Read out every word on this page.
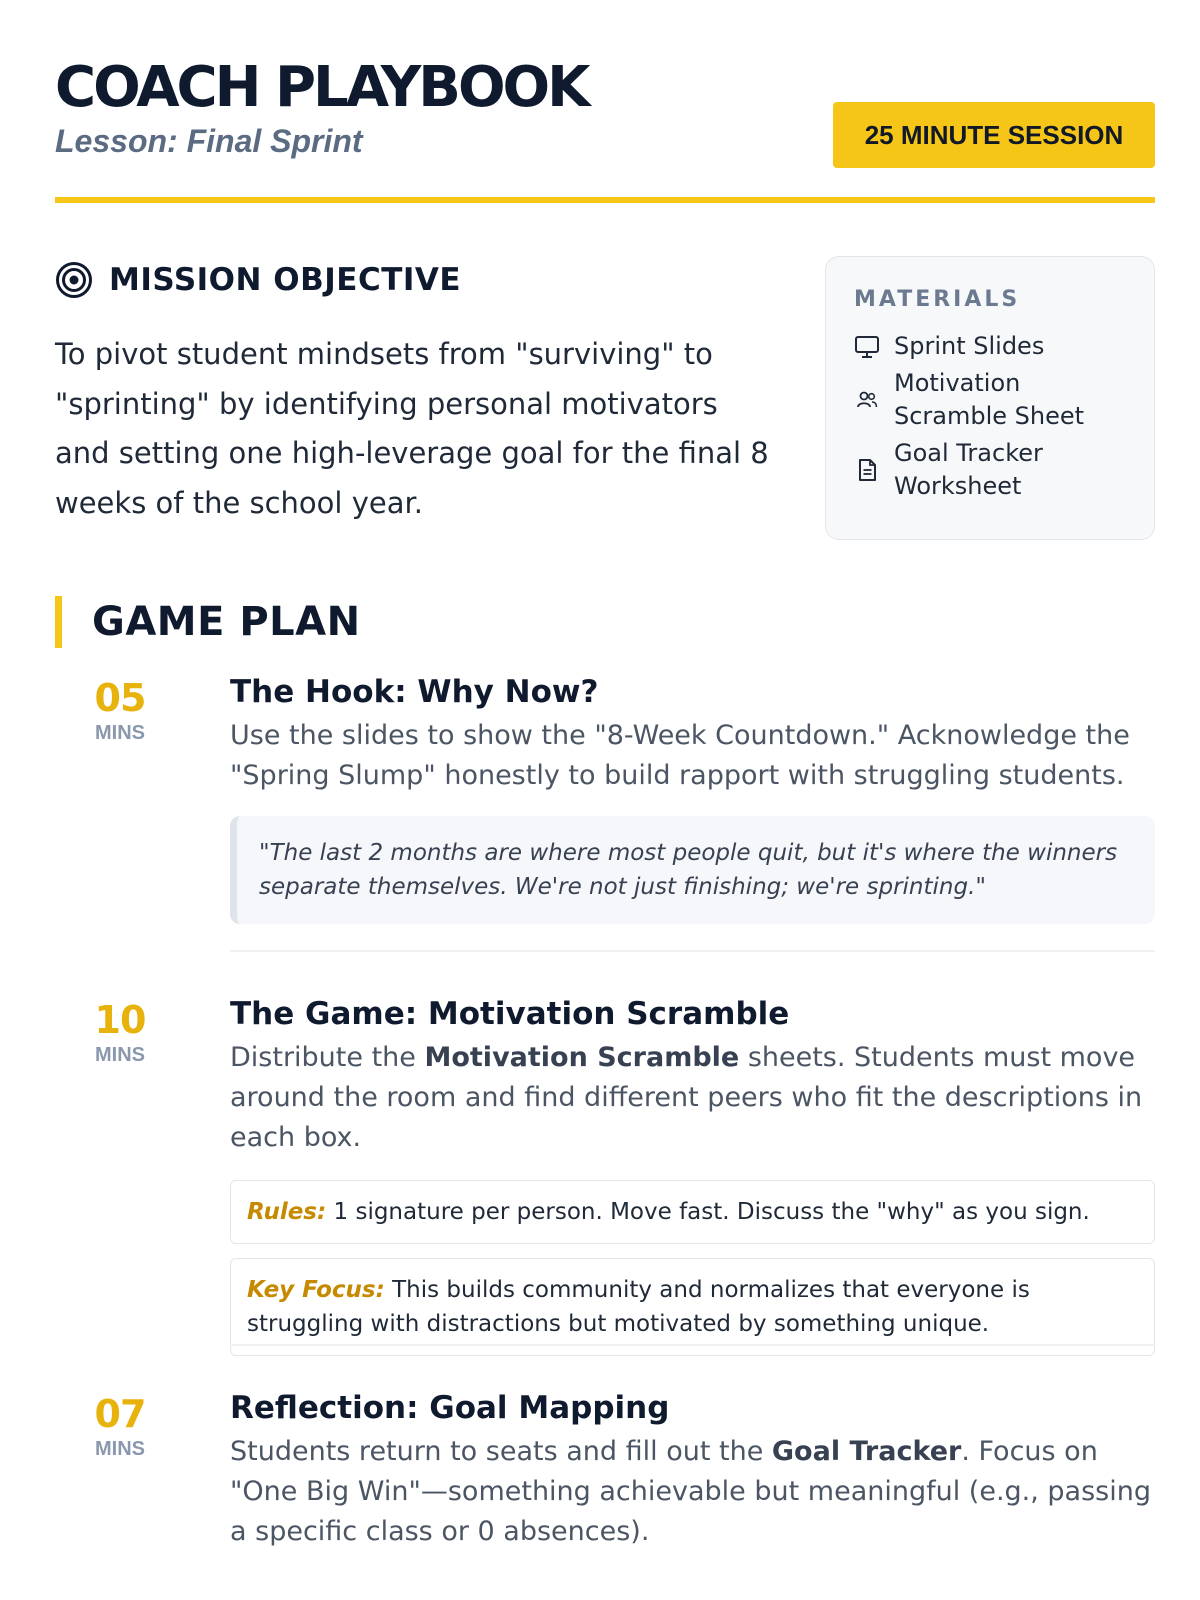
COACH PLAYBOOK
Lesson: Final Sprint	25 MINUTE SESSION
MISSION OBJECTIVE

To pivot student mindsets from "surviving" to "sprinting" by identifying personal motivators and setting one high-leverage goal for the final 8 weeks of the school year.

MATERIALS
Sprint Slides
Motivation Scramble Sheet
Goal Tracker Worksheet
GAME PLAN
05
MINS
The Hook: Why Now?

Use the slides to show the "8-Week Countdown." Acknowledge the "Spring Slump" honestly to build rapport with struggling students.

"The last 2 months are where most people quit, but it's where the winners separate themselves. We're not just finishing; we're sprinting."
10
MINS
The Game: Motivation Scramble

Distribute the Motivation Scramble sheets. Students must move around the room and find different peers who fit the descriptions in each box.

Rules: 1 signature per person. Move fast. Discuss the "why" as you sign.
Key Focus: This builds community and normalizes that everyone is struggling with distractions but motivated by something unique.
07
MINS
Reflection: Goal Mapping

Students return to seats and fill out the Goal Tracker. Focus on "One Big Win"—something achievable but meaningful (e.g., passing a specific class or 0 absences).
